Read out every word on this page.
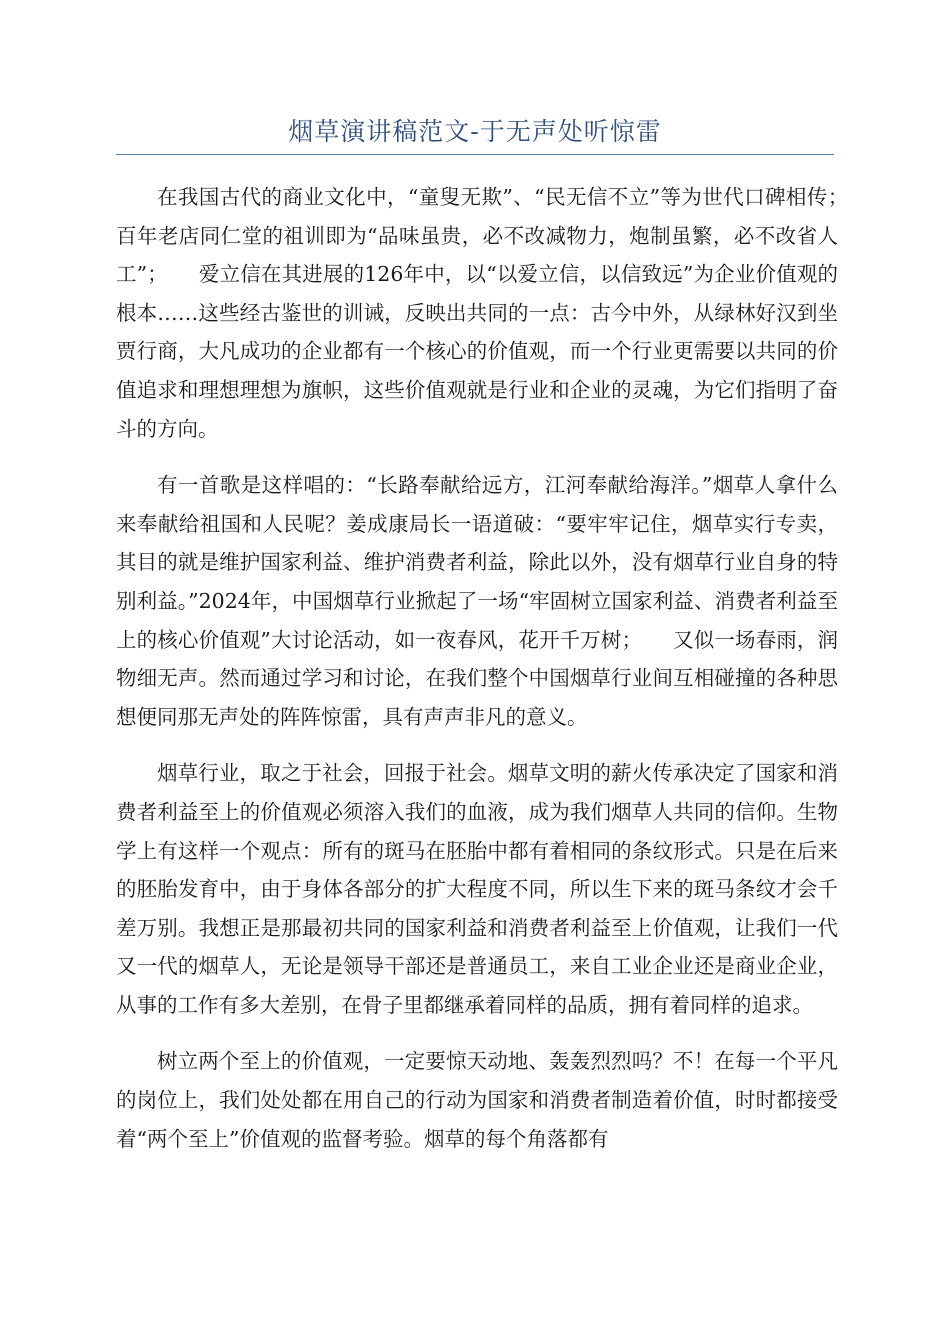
烟草演讲稿范文-于无声处听惊雷

在我国古代的商业文化中，“童叟无欺”、“民无信不立”等为世代口碑相传；　　百年老店同仁堂的祖训即为“品味虽贵，必不改减物力，炮制虽繁，必不改省人工”；　　爱立信在其进展的126年中，以“以爱立信，以信致远”为企业价值观的根本……这些经古鉴世的训诫，反映出共同的一点：古今中外，从绿林好汉到坐贾行商，大凡成功的企业都有一个核心的价值观，而一个行业更需要以共同的价值追求和理想理想为旗帜，这些价值观就是行业和企业的灵魂，为它们指明了奋斗的方向。

有一首歌是这样唱的：“长路奉献给远方，江河奉献给海洋。”烟草人拿什么来奉献给祖国和人民呢？姜成康局长一语道破：“要牢牢记住，烟草实行专卖，其目的就是维护国家利益、维护消费者利益，除此以外，没有烟草行业自身的特别利益。”2024年，中国烟草行业掀起了一场“牢固树立国家利益、消费者利益至上的核心价值观”大讨论活动，如一夜春风，花开千万树；　　又似一场春雨，润物细无声。然而通过学习和讨论，在我们整个中国烟草行业间互相碰撞的各种思想便同那无声处的阵阵惊雷，具有声声非凡的意义。

烟草行业，取之于社会，回报于社会。烟草文明的薪火传承决定了国家和消费者利益至上的价值观必须溶入我们的血液，成为我们烟草人共同的信仰。生物学上有这样一个观点：所有的斑马在胚胎中都有着相同的条纹形式。只是在后来的胚胎发育中，由于身体各部分的扩大程度不同，所以生下来的斑马条纹才会千差万别。我想正是那最初共同的国家利益和消费者利益至上价值观，让我们一代又一代的烟草人，无论是领导干部还是普通员工，来自工业企业还是商业企业，从事的工作有多大差别，在骨子里都继承着同样的品质，拥有着同样的追求。

树立两个至上的价值观，一定要惊天动地、轰轰烈烈吗？不！在每一个平凡的岗位上，我们处处都在用自己的行动为国家和消费者制造着价值，时时都接受着“两个至上”价值观的监督考验。烟草的每个角落都有
